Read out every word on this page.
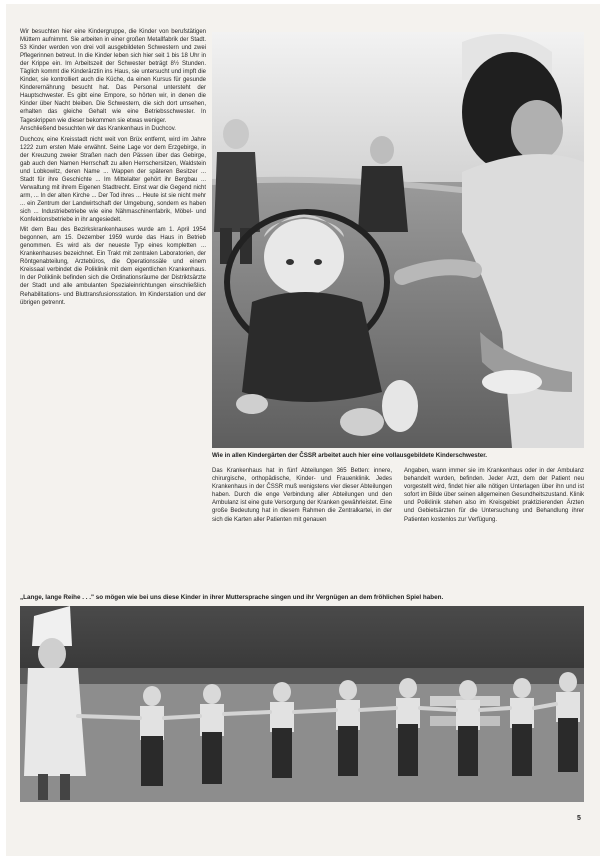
Wir besuchten hier eine Kindergruppe, die Kinder von berufstätigen Müttern aufnimmt. Sie arbeiten in einer großen Metallfabrik der Stadt. 53 Kinder werden von drei voll ausgebildeten Schwestern und zwei Pflegerinnen betreut. In die Kinder leben sich hier seit 1 bis 18 Uhr in der Krippe ein. Im Arbeitszeit der Schwester beträgt 8½ Stunden. Täglich kommt die Kinderärztin ins Haus, sie untersucht und impft die Kinder, sie kontrolliert auch die Küche, da einen Kursus für gesunde Kinderernährung besucht hat. Das Personal untersteht der Hauptschwester. Es gibt eine Empore, so hörten wir, in denen die Kinder über Nacht bleiben. Die Schwestern, die sich dort umsehen, erhalten das gleiche Gehalt wie eine Betriebsschwester. In Tageskrippen wie dieser bekommen sie etwas weniger.

Anschließend besuchten wir das Krankenhaus in Duchcov.

Duchcov, eine Kreisstadt nicht weit von Brüx entfernt, wird im Jahre 1222 zum ersten Male erwähnt. Seine Lage vor dem Erzgebirge, in der Kreuzung zweier Straßen nach den Pässen über das Gebirge, gab auch den Namen Herrschaft zu allen Herrschersitzen, Waldstein und Lobkowitz, deren Name ... Wappen der späteren Besitzer ... Stadt für ihre Geschichte ... Im Mittelalter gehört ihr Bergbau ... Verwaltung mit ihrem Eigenen Stadtrecht. Einst war die Gegend nicht arm, ... In der alten Kirche ... Der Tod ihres ... Heute ist sie nicht mehr ... ein Zentrum der Landwirtschaft der Umgebung, sondern es haben sich ... Industriebetriebe wie eine Nähmaschinenfabrik, Möbel- und Konfektionsbetriebe in ihr angesiedelt.

Mit dem Bau des Bezirkskrankenhauses wurde am 1. April 1954 begonnen, am 15. Dezember 1959 wurde das Haus in Betrieb genommen. Es wird als der neueste Typ eines kompletten ... Krankenhauses bezeichnet. Ein Trakt mit zentralen Laboratorien, der Röntgenabteilung, Arztebüros, die Operationssäle und einem Kreissaal verbindet die Poliklinik mit dem eigentlichen Krankenhaus. In der Poliklinik befinden sich die Ordinationsräume der Distriktsärzte der Stadt und alle ambulanten Spezialeinrichtungen einschließlich Rehabilitations- und Bluttransfusionsstation. Im Kinderstation und der übrigen getrennt.

Wie in allen Kindergärten der ČSSR arbeitet auch hier eine vollausgebildete Kinderschwester.
Das Krankenhaus hat in fünf Abteilungen 365 Betten: innere, chirurgische, orthopädische, Kinder- und Frauenklinik. Jedes Krankenhaus in der ČSSR muß wenigstens vier dieser Abteilungen haben. Durch die enge Verbindung aller Abteilungen und den Ambulanz ist eine gute Versorgung der Kranken gewährleistet. Eine große Bedeutung hat in diesem Rahmen die Zentralkartei, in der sich die Karten aller Patienten mit genauen
Angaben, wann immer sie im Krankenhaus oder in der Ambulanz behandelt wurden, befinden. Jeder Arzt, dem der Patient neu vorgestellt wird, findet hier alle nötigen Unterlagen über ihn und ist sofort im Bilde über seinen allgemeinen Gesundheitszustand. Klinik und Poliklinik stehen also im Kreisgebiet praktizierenden Ärzten und Gebietsärzten für die Untersuchung und Behandlung ihrer Patienten kostenlos zur Verfügung.
„Lange, lange Reihe . . ." so mögen wie bei uns diese Kinder in ihrer Muttersprache singen und ihr Vergnügen an dem fröhlichen Spiel haben.
5
